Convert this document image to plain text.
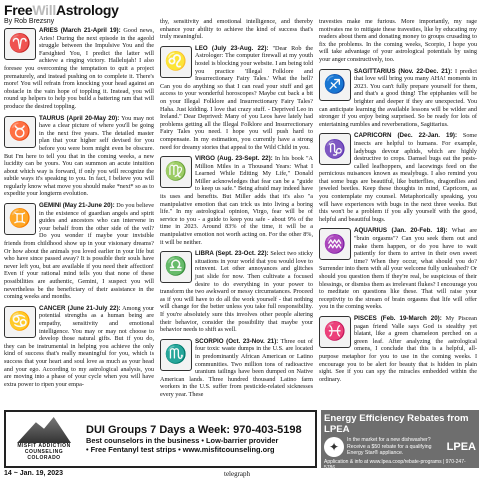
FreeWillAstrology
By Rob Brezsny
♈
ARIES (March 21-April 19): Good news, Aries! During the next episode in the ageold struggle between the Impulsive You and the Farsighted You, I predict the latter will achieve a ringing victory. Hallelujah! I also foresee you overcoming the temptation to quit a project prematurely, and instead pushing on to complete it. There's more! You will refrain from knocking your head against an obstacle in the vain hope of toppling it. Instead, you will round up helpers to help you build a battering ram that will produce the desired toppling.
♉
TAURUS (April 20-May 20): You may not have a clear picture of where you'll be going in the next five years. The detailed master plan that your higher self devised for you before you were born might even be obscure. But I'm here to tell you that in the coming weeks, a new lucidity can be yours. You can summon an acute intuition about which way is forward, if only you will recognize the subtle ways it's speaking to you. In fact, I believe you will regularly know what move you should make *next* so as to expedite your longterm evolution.
♊
GEMINI (May 21-June 20): Do you believe in the existence of guardian angels and spirit guides and ancestors who can intervene in your behalf from the other side of the veil? Do you wonder if maybe your invisible friends from childhood show up in your visionary dreams? Or how about the animals you loved earlier in your life but who have since passed away? It is possible their souls have never left you, but are available if you need their affection! Even if your rational mind tells you that none of these possibilities are authentic, Gemini, I suspect you will nevertheless be the beneficiary of their assistance in the coming weeks and months.
♋
CANCER (June 21-July 22): Among your potential strengths as a human being are empathy, sensitivity and emotional intelligence. You may or may not choose to develop those natural gifts. But if you do, they can be instrumental in helping you achieve the only kind of success that's really meaningful for you, which is success that your heart and soul love as much as your head and your ego. According to my astrological analysis, you are moving into a phase of your cycle when you will have extra power to ripen your empa-
thy, sensitivity and emotional intelligence, and thereby enhance your ability to achieve the kind of success that's truly meaningful.
♌
LEO (July 23-Aug. 22): "Dear Rob the Astrologer: The computer firewall at my youth hostel is blocking your website. I am being told you practice 'Illegal Folklore and Insurrectionary Fairy Tales.' What the hell? Can you do anything so that I can read your stuff and get access to your wonderful horoscopes? Maybe cut back a bit on your Illegal Folklore and Insurrectionary Fairy Tales? Haha. Just kidding. I love that crazy stuff. - Deprived Leo in Ireland." Dear Deprived: Many of you Leos have lately had problems getting all the Illegal Folklore and Insurrectionary Fairy Tales you need. I hope you will push hard to compensate. In my estimation, you currently have a strong need for dreamy stories that appeal to the Wild Child in you.
♍
VIRGO (Aug. 23-Sept. 22): In his book "A Million Miles in a Thousand Years: What I Learned While Editing My Life," Donald Miller acknowledges that fear can be a "guide to keep us safe." Being afraid may indeed have its uses and benefits. But Miller adds that it's also "a manipulative emotion that can trick us into living a boring life." In my astrological opinion, Virgo, fear will be of service to you - a guide to keep you safe - about 9% of the time in 2023. Around 83% of the time, it will be a manipulative emotion not worth acting on. For the other 8%, it will be neither.
♎
LIBRA (Sept. 23-Oct. 22): Select two sticky situations in your world that you would love to reinvent. Let other annoyances and glitches just slide for now. Then cultivate a focused desire to do everything in your power to transform the two awkward or messy circumstances. Proceed as if you will have to do all the work yourself - that nothing will change for the better unless you take full responsibility. If you're absolutely sure this involves other people altering their behavior, consider the possibility that maybe your behavior needs to shift as well.
♏
SCORPIO (Oct. 23-Nov. 21): Three out of four toxic waste dumps in the U.S. are located in predominantly African American or Latino communities. Two million tons of radioactive uranium tailings have been dumped on Native American lands. Three hundred thousand Latino farm workers in the U.S. suffer from pesticide-related sicknesses every year. These
travesties make me furious. More importantly, my rage motivates me to mitigate these travesties, like by educating my readers about them and donating money to groups crusading to fix the problems. In the coming weeks, Scorpio, I hope you will take advantage of your astrological potentials by using your anger constructively, too.
♐
SAGITTARIUS (Nov. 22-Dec. 21): I predict that love will bring you many AHA! moments in 2023. You can't fully prepare yourself for them, and that's a good thing! The epiphanies will be brighter and deeper if they are unexpected. You can anticipate learning the available lessons will be wilder and stronger if you enjoy being surprised. So be ready for lots of entertaining rumbles and reverberations, Sagittarius.
♑
CAPRICORN (Dec. 22-Jan. 19): Some insects are helpful to humans. For example, ladybugs devour aphids, which are highly destructive to crops. Damsel bugs eat the pests-called leafhoppers, and lacewings feed on the pernicious nuisances known as mealybugs. I also remind you that some bugs are beautiful, like butterflies, dragonflies and jeweled beetles. Keep these thoughts in mind, Capricorn, as you contemplate my counsel. Metaphorically speaking, you will have experiences with bugs in the next three weeks. But this won't be a problem if you ally yourself with the good, helpful and beautiful bugs.
♒
AQUARIUS (Jan. 20-Feb. 18): What are "brain orgasms"? Can you seek them out and make them happen, or do you have to wait patiently for them to arrive in their own sweet time? When they occur, what should you do? Surrender into them with all your welcome fully unleashed? Or should you question them if they're real, be suspicious of their blessings, or dismiss them as irrelevant flukes? I encourage you to meditate on questions like these. That will raise your receptivity to the stream of brain orgasms that life will offer you in the coming weeks.
♓
PISCES (Feb. 19-March 20): My Piscean pagan friend Valle says God is stealthy yet blatant, like a green chameleon perched on a green leaf. After analyzing the astrological omens, I conclude that this is a helpful, all-purpose metaphor for you to use in the coming weeks. I encourage you to be alert for beauty that is hidden in plain sight. See if you can spy the miracles embedded within the ordinary.
MISFIT ADDICTION
COUNSELING
COLORADO
DUI Groups 7 Days a Week: 970-403-5198
Best counselors in the business • Low-barrier provider
• Free Fentanyl test strips • www.misfitcounseling.org
Energy Efficiency Rebates from LPEA
✦	In the market for a new dishwasher?
Receive a $50 rebate for a qualifying
Energy Star® appliance.
LPEA
Application & info at www.lpea.coop/rebate-programs | 970-247-5786
14 ~ Jan. 19, 2023	telegraph
